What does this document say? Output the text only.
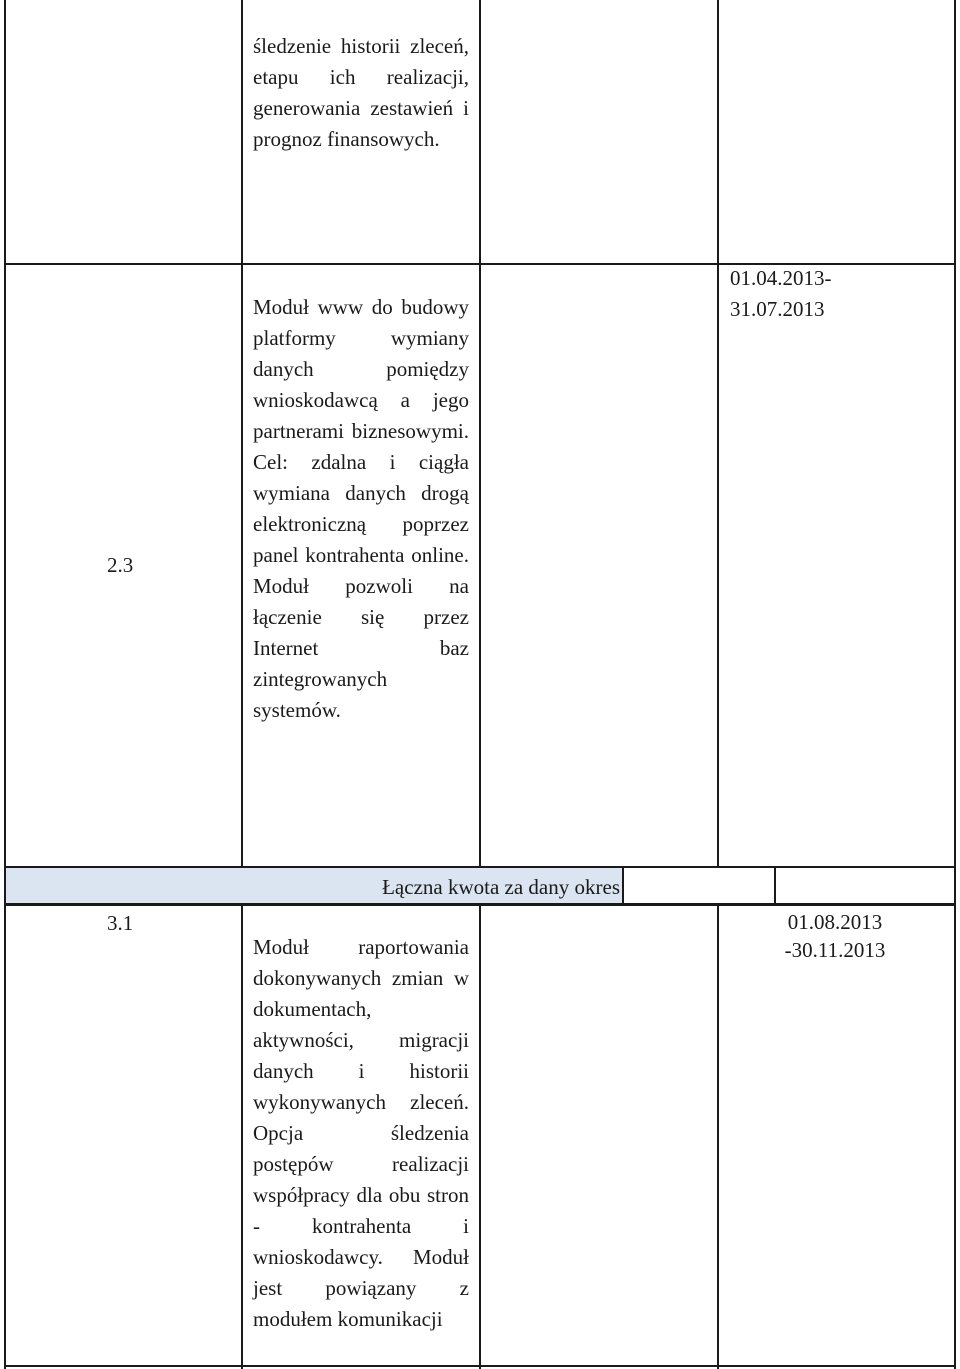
śledzenie historii zleceń, etapu ich realizacji, generowania zestawień i prognoz finansowych.
2.3
Moduł www do budowy platformy wymiany danych pomiędzy wnioskodawcą a jego partnerami biznesowymi. Cel: zdalna i ciągła wymiana danych drogą elektroniczną poprzez panel kontrahenta online. Moduł pozwoli na łączenie się przez Internet baz zintegrowanych systemów.
01.04.2013- 31.07.2013
Łączna kwota za dany okres
3.1
Moduł raportowania dokonywanych zmian w dokumentach, aktywności, migracji danych i historii wykonywanych zleceń. Opcja śledzenia postępów realizacji współpracy dla obu stron - kontrahenta i wnioskodawcy. Moduł jest powiązany z modułem komunikacji
01.08.2013 -30.11.2013
